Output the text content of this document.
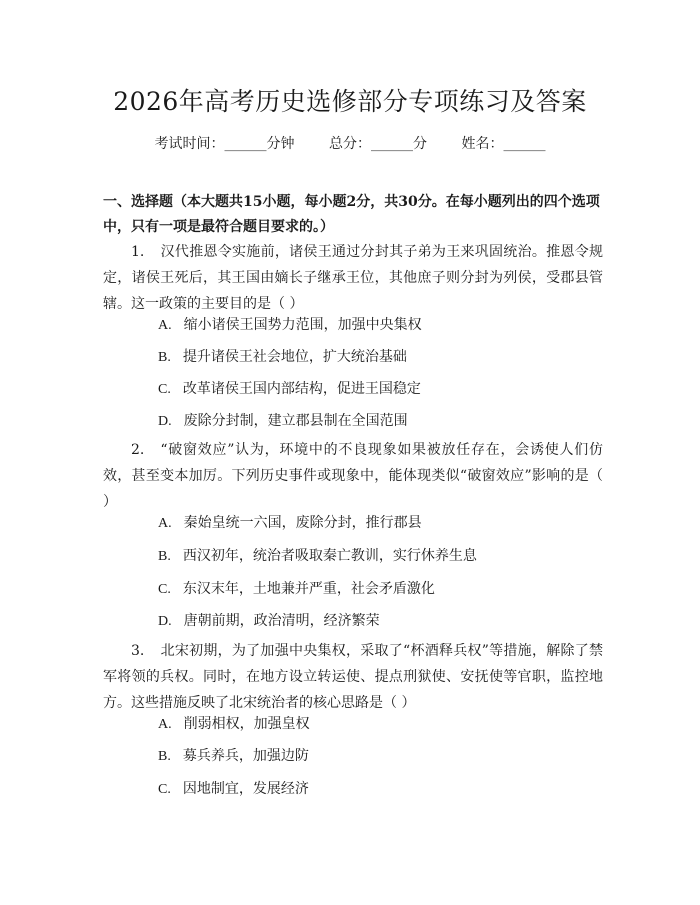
2026年高考历史选修部分专项练习及答案
考试时间：______分钟 总分：______分 姓名：______
一、选择题（本大题共15小题，每小题2分，共30分。在每小题列出的四个选项中，只有一项是最符合题目要求的。）
1. 汉代推恩令实施前，诸侯王通过分封其子弟为王来巩固统治。推恩令规定，诸侯王死后，其王国由嫡长子继承王位，其他庶子则分封为列侯，受郡县管辖。这一政策的主要目的是（ ）
A. 缩小诸侯王国势力范围，加强中央集权
B. 提升诸侯王社会地位，扩大统治基础
C. 改革诸侯王国内部结构，促进王国稳定
D. 废除分封制，建立郡县制在全国范围
2. “破窗效应”认为，环境中的不良现象如果被放任存在，会诱使人们仿效，甚至变本加厉。下列历史事件或现象中，能体现类似“破窗效应”影响的是（ ）
A. 秦始皇统一六国，废除分封，推行郡县
B. 西汉初年，统治者吸取秦亡教训，实行休养生息
C. 东汉末年，土地兼并严重，社会矛盾激化
D. 唐朝前期，政治清明，经济繁荣
3. 北宋初期，为了加强中央集权，采取了“杯酒释兵权”等措施，解除了禁军将领的兵权。同时，在地方设立转运使、提点刑狱使、安抚使等官职，监控地方。这些措施反映了北宋统治者的核心思路是（ ）
A. 削弱相权，加强皇权
B. 募兵养兵，加强边防
C. 因地制宜，发展经济
